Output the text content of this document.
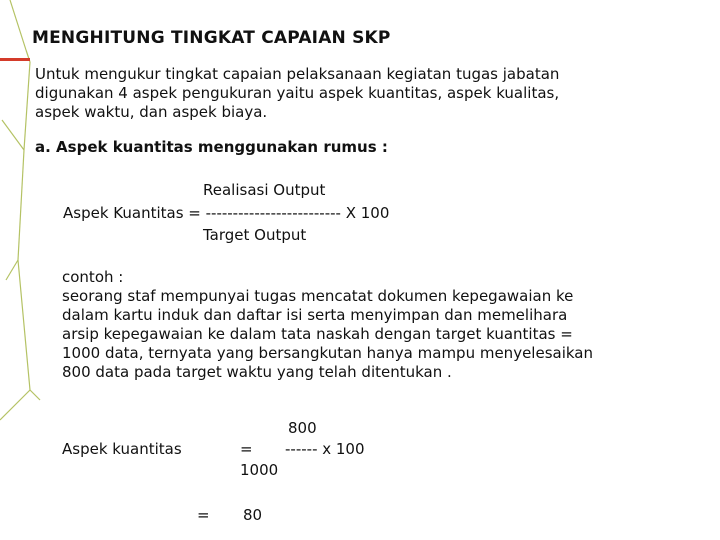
MENGHITUNG TINGKAT CAPAIAN SKP
Untuk mengukur tingkat capaian pelaksanaan kegiatan tugas jabatan
digunakan 4 aspek pengukuran yaitu aspek kuantitas, aspek kualitas,
aspek waktu, dan aspek biaya.
a. Aspek kuantitas menggunakan rumus :
Realisasi Output
Aspek Kuantitas = ------------------------- X 100
Target Output
contoh :
seorang staf mempunyai tugas mencatat dokumen kepegawaian ke
dalam kartu induk dan daftar isi serta menyimpan dan memelihara
arsip kepegawaian ke dalam tata naskah dengan target kuantitas =
1000 data, ternyata yang bersangkutan hanya mampu menyelesaikan
800 data pada target waktu yang telah ditentukan .
800
Aspek kuantitas	= ------ x 100
1000
= 80
